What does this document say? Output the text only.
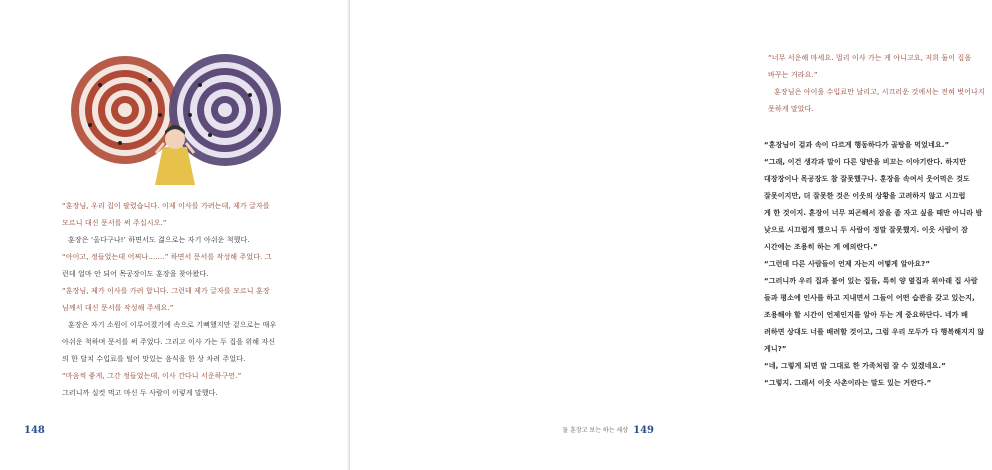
“훈장님, 우리 집이 팔렸습니다. 이제 이사를 가려는데, 제가 글자를
모르니 대신 문서를 써 주십시오.”
훈장은 ‘올다구나!’ 하면서도 겷으로는 자기 아쉬운 척했다.
“아이고, 정들었는데 어쩌나…….” 하면서 문서를 작성해 주었다. 그
런데 얼마 안 되어 목공장이도 훈장을 찾아왔다.
“훈장님, 제가 이사를 가려 합니다. 그런데 제가 글자를 모르니 훈장
님께서 대신 문서를 작성해 주세요.”
훈장은 자기 소원이 이루어졌기에 속으로 기뻐했지만 겉으로는 매우
아쉬운 척하며 문서를 써 주었다. 그리고 이사 가는 두 집을 위해 자신
의 한 달치 수입료를 털어 맛있는 음식을 한 상 차려 주었다.
“마음씩 좋게, 그간 정들었는데, 이사 간다니 서운하구먼.”
그러니까 실컷 먹고 마신 두 사람이 이렇게 말했다.
148
“너무 서운해 마세요. 멀리 이사 가는 게 아니고요, 저희 둘이 집을
바꾸는 거라요.”
훈장님은 아이을 수입료만 날리고, 시끄러운 것에서는 전혀 벗어나지
못하게 말았다.
“훈장님이 겉과 속이 다르게 행동하다가 골탕을 먹었네요.”
“그래, 이건 생각과 말이 다른 양반을 비꼬는 이야기란다. 하지만
대장장이나 목공장도 참 잘못했구나. 훈장을 속여서 웃어먹은 것도
잘못이지만, 더 잘못한 것은 이웃의 상황을 고려하지 않고 시끄럽
게 한 것이지. 훈장이 너무 피곤해서 잠을 좀 자고 싶을 때만 아니라 밤
낮으로 시끄럽게 했으니 두 사람이 정말 잘못했지. 이웃 사람이 잠
시간에는 조용히 하는 게 예의란다.”
“그런데 다른 사람들이 언제 자는지 어떻게 알아요?”
“그러니까 우리 집과 붙어 있는 집들, 특히 양 옆집과 위아래 집 사람
들과 평소에 인사를 하고 지내면서 그들이 어떤 습관을 갖고 있는지,
조용해야 할 시간이 언제인지를 알아 두는 게 중요하단다. 네가 배
려하면 상대도 너를 배려할 것이고, 그럼 우리 모두가 다 행복해지지 않
게니?”
“네, 그렇게 되면 말 그대로 한 가족처럼 잘 수 있겠네요.”
“그렇지. 그래서 이웃 사촌이라는 말도 있는 거란다.”
둘 훈장고 보는 하는 세상 149
